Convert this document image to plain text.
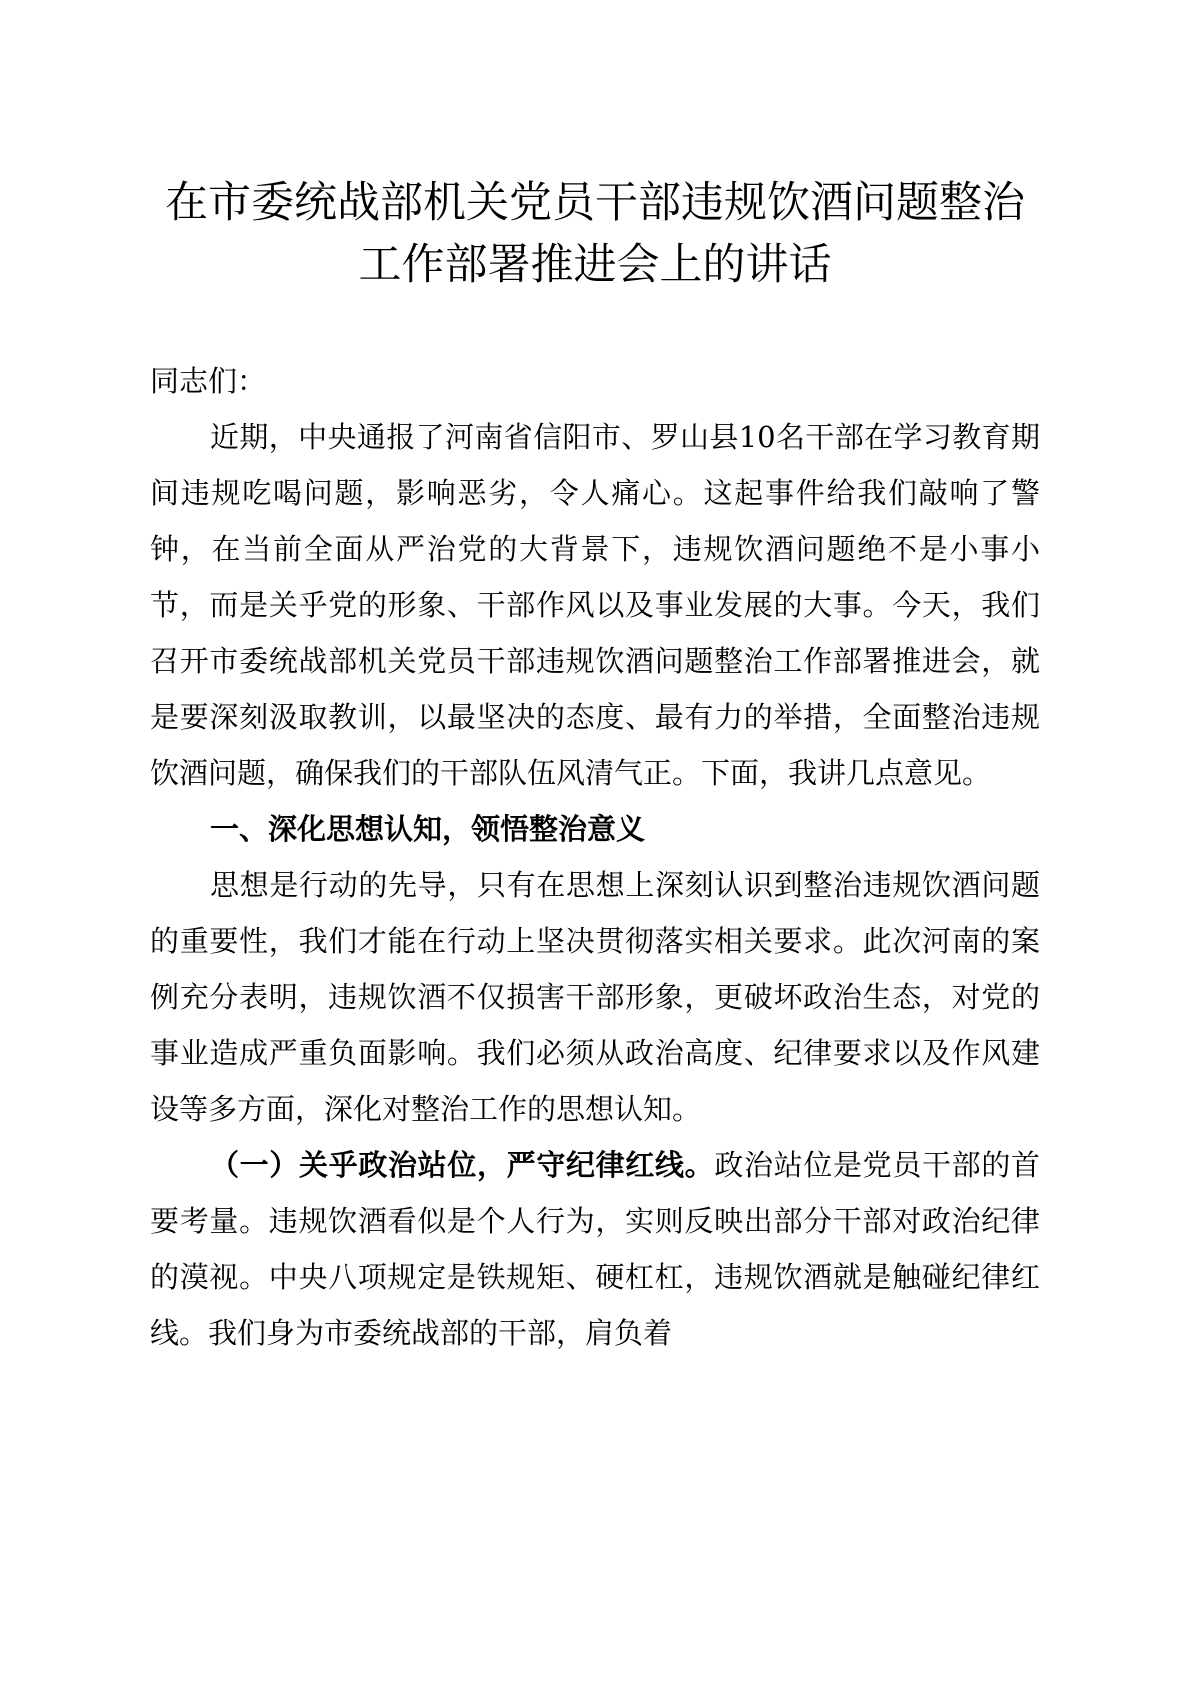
在市委统战部机关党员干部违规饮酒问题整治
工作部署推进会上的讲话

同志们：

近期，中央通报了河南省信阳市、罗山县10名干部在学习教育期间违规吃喝问题，影响恶劣，令人痛心。这起事件给我们敲响了警钟，在当前全面从严治党的大背景下，违规饮酒问题绝不是小事小节，而是关乎党的形象、干部作风以及事业发展的大事。今天，我们召开市委统战部机关党员干部违规饮酒问题整治工作部署推进会，就是要深刻汲取教训，以最坚决的态度、最有力的举措，全面整治违规饮酒问题，确保我们的干部队伍风清气正。下面，我讲几点意见。

一、深化思想认知，领悟整治意义

思想是行动的先导，只有在思想上深刻认识到整治违规饮酒问题的重要性，我们才能在行动上坚决贯彻落实相关要求。此次河南的案例充分表明，违规饮酒不仅损害干部形象，更破坏政治生态，对党的事业造成严重负面影响。我们必须从政治高度、纪律要求以及作风建设等多方面，深化对整治工作的思想认知。

（一）关乎政治站位，严守纪律红线。政治站位是党员干部的首要考量。违规饮酒看似是个人行为，实则反映出部分干部对政治纪律的漠视。中央八项规定是铁规矩、硬杠杠，违规饮酒就是触碰纪律红线。我们身为市委统战部的干部，肩负着
